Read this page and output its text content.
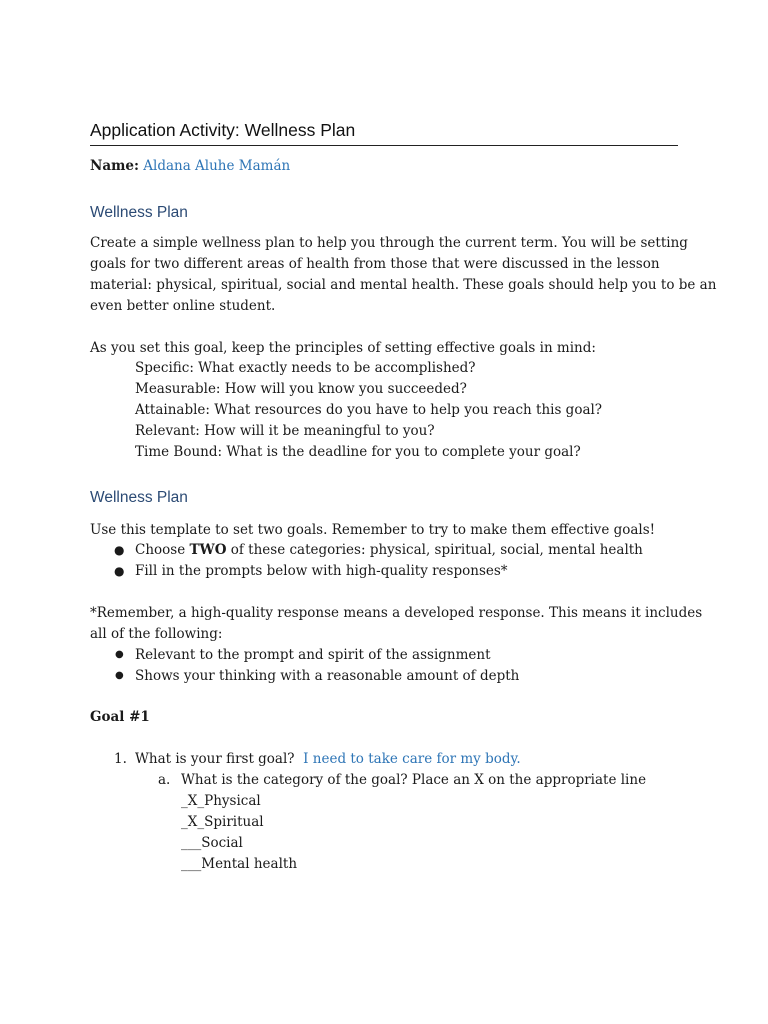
Application Activity: Wellness Plan
Name: Aldana Aluhe Mamán
Wellness Plan
Create a simple wellness plan to help you through the current term. You will be setting
goals for two different areas of health from those that were discussed in the lesson
material: physical, spiritual, social and mental health. These goals should help you to be an
even better online student.
As you set this goal, keep the principles of setting effective goals in mind:
Specific: What exactly needs to be accomplished?
Measurable: How will you know you succeeded?
Attainable: What resources do you have to help you reach this goal?
Relevant: How will it be meaningful to you?
Time Bound: What is the deadline for you to complete your goal?
Wellness Plan
Use this template to set two goals. Remember to try to make them effective goals!
● Choose TWO of these categories: physical, spiritual, social, mental health
● Fill in the prompts below with high-quality responses*
*Remember, a high-quality response means a developed response. This means it includes
all of the following:
● Relevant to the prompt and spirit of the assignment
● Shows your thinking with a reasonable amount of depth
Goal #1
1. What is your first goal? I need to take care for my body.
a. What is the category of the goal? Place an X on the appropriate line
_X_Physical
_X_Spiritual
___Social
___Mental health
